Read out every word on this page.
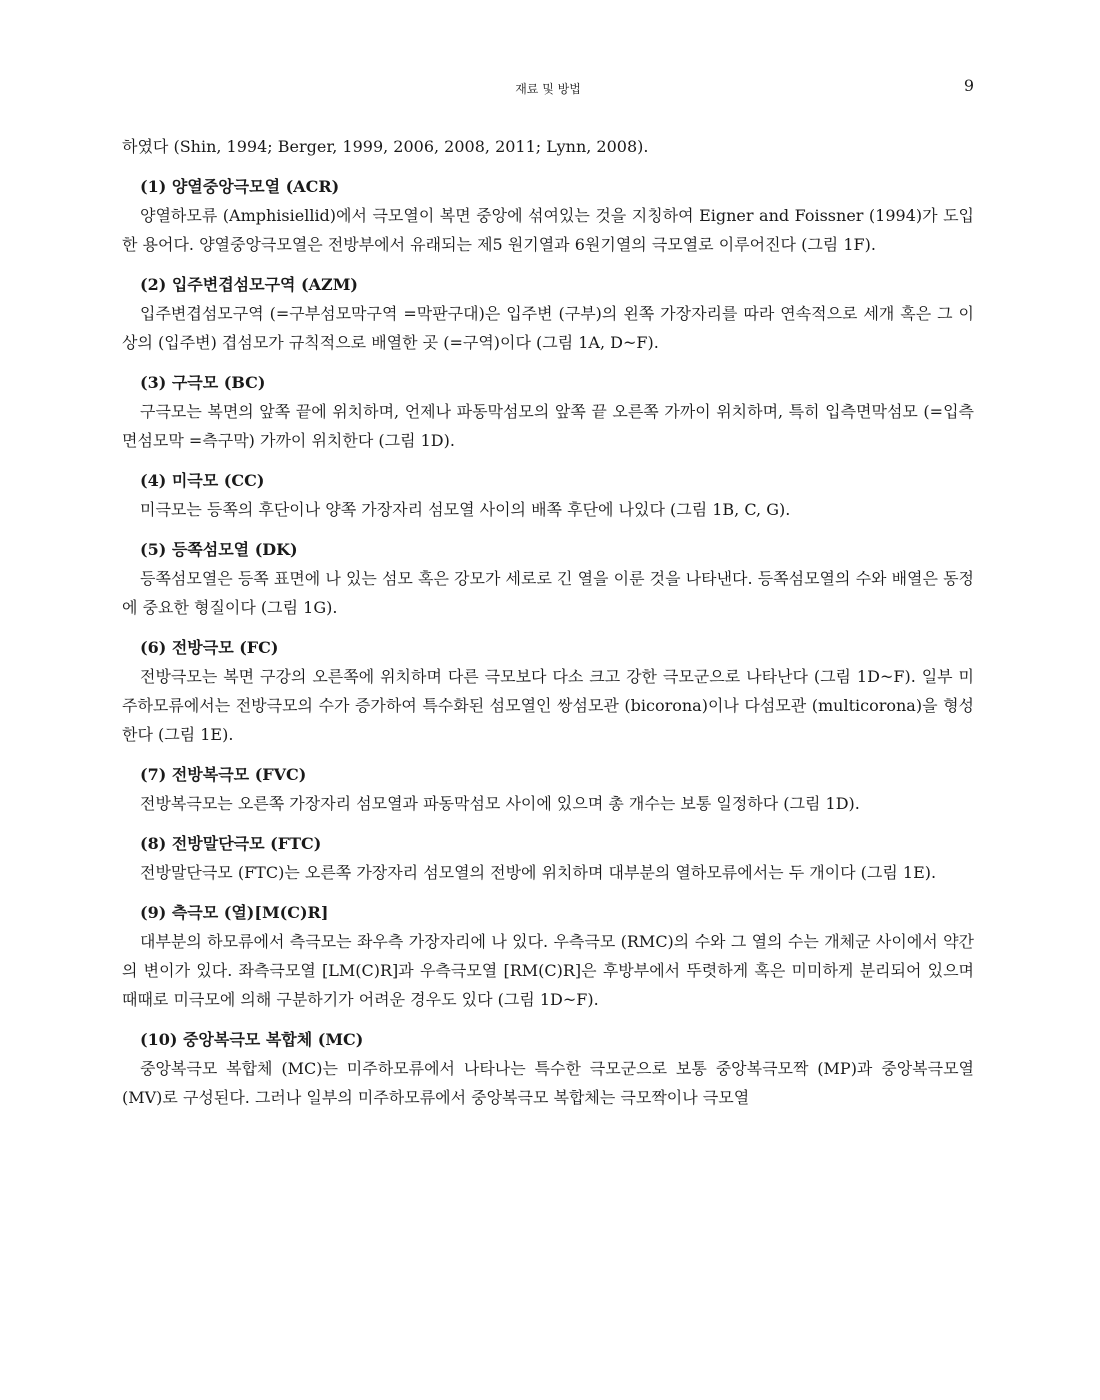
재료 및 방법	9

하였다 (Shin, 1994; Berger, 1999, 2006, 2008, 2011; Lynn, 2008).

(1) 양열중앙극모열 (ACR)

양열하모류 (Amphisiellid)에서 극모열이 복면 중앙에 섞여있는 것을 지칭하여 Eigner and Foissner (1994)가 도입한 용어다. 양열중앙극모열은 전방부에서 유래되는 제5 원기열과 6원기열의 극모열로 이루어진다 (그림 1F).

(2) 입주변겹섬모구역 (AZM)

입주변겹섬모구역 (=구부섬모막구역 =막판구대)은 입주변 (구부)의 왼쪽 가장자리를 따라 연속적으로 세개 혹은 그 이상의 (입주변) 겹섬모가 규칙적으로 배열한 곳 (=구역)이다 (그림 1A, D~F).

(3) 구극모 (BC)

구극모는 복면의 앞쪽 끝에 위치하며, 언제나 파동막섬모의 앞쪽 끝 오른쪽 가까이 위치하며, 특히 입측면막섬모 (=입측면섬모막 =측구막) 가까이 위치한다 (그림 1D).

(4) 미극모 (CC)

미극모는 등쪽의 후단이나 양쪽 가장자리 섬모열 사이의 배쪽 후단에 나있다 (그림 1B, C, G).

(5) 등쪽섬모열 (DK)

등쪽섬모열은 등쪽 표면에 나 있는 섬모 혹은 강모가 세로로 긴 열을 이룬 것을 나타낸다. 등쪽섬모열의 수와 배열은 동정에 중요한 형질이다 (그림 1G).

(6) 전방극모 (FC)

전방극모는 복면 구강의 오른쪽에 위치하며 다른 극모보다 다소 크고 강한 극모군으로 나타난다 (그림 1D~F). 일부 미주하모류에서는 전방극모의 수가 증가하여 특수화된 섬모열인 쌍섬모관 (bicorona)이나 다섬모관 (multicorona)을 형성한다 (그림 1E).

(7) 전방복극모 (FVC)

전방복극모는 오른쪽 가장자리 섬모열과 파동막섬모 사이에 있으며 총 개수는 보통 일정하다 (그림 1D).

(8) 전방말단극모 (FTC)

전방말단극모 (FTC)는 오른쪽 가장자리 섬모열의 전방에 위치하며 대부분의 열하모류에서는 두 개이다 (그림 1E).

(9) 측극모 (열)[M(C)R]

대부분의 하모류에서 측극모는 좌우측 가장자리에 나 있다. 우측극모 (RMC)의 수와 그 열의 수는 개체군 사이에서 약간의 변이가 있다. 좌측극모열 [LM(C)R]과 우측극모열 [RM(C)R]은 후방부에서 뚜렷하게 혹은 미미하게 분리되어 있으며 때때로 미극모에 의해 구분하기가 어려운 경우도 있다 (그림 1D~F).

(10) 중앙복극모 복합체 (MC)

중앙복극모 복합체 (MC)는 미주하모류에서 나타나는 특수한 극모군으로 보통 중앙복극모짝 (MP)과 중앙복극모열 (MV)로 구성된다. 그러나 일부의 미주하모류에서 중앙복극모 복합체는 극모짝이나 극모열
